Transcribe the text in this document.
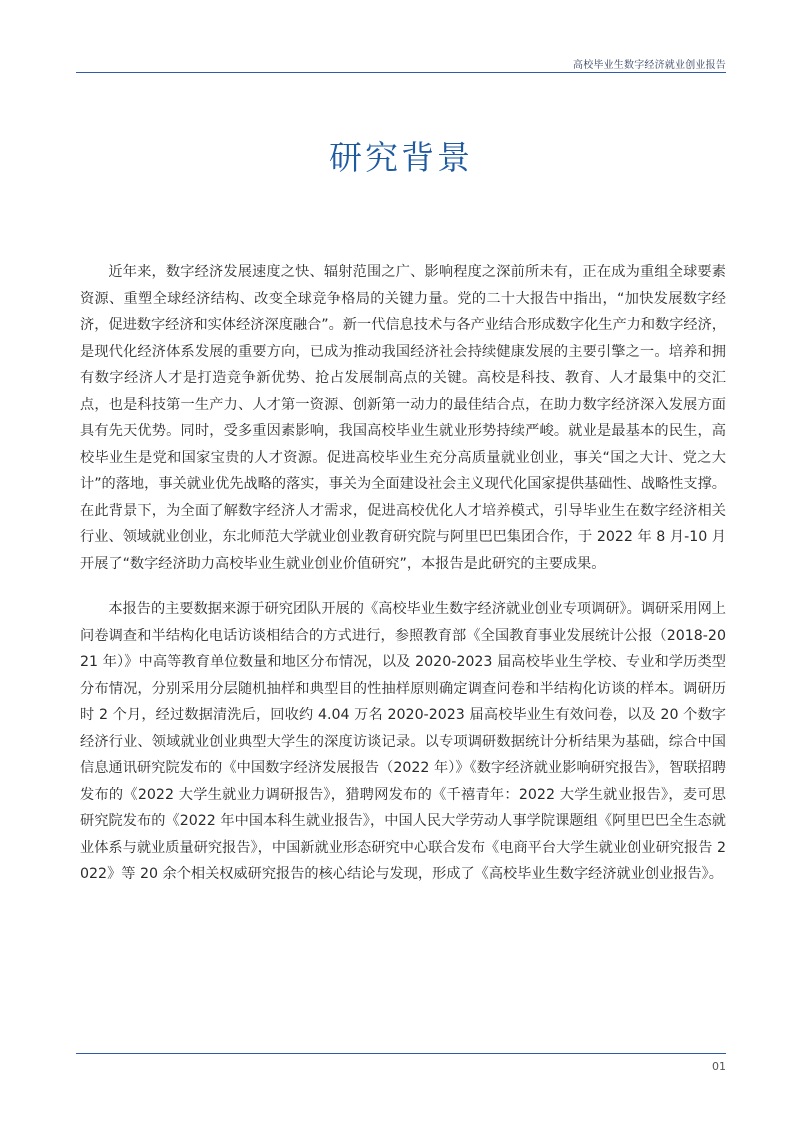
高校毕业生数字经济就业创业报告
研究背景

近年来，数字经济发展速度之快、辐射范围之广、影响程度之深前所未有，正在成为重组全球要素资源、重塑全球经济结构、改变全球竞争格局的关键力量。党的二十大报告中指出，“加快发展数字经济，促进数字经济和实体经济深度融合”。新一代信息技术与各产业结合形成数字化生产力和数字经济，是现代化经济体系发展的重要方向，已成为推动我国经济社会持续健康发展的主要引擎之一。培养和拥有数字经济人才是打造竞争新优势、抢占发展制高点的关键。高校是科技、教育、人才最集中的交汇点，也是科技第一生产力、人才第一资源、创新第一动力的最佳结合点，在助力数字经济深入发展方面具有先天优势。同时，受多重因素影响，我国高校毕业生就业形势持续严峻。就业是最基本的民生，高校毕业生是党和国家宝贵的人才资源。促进高校毕业生充分高质量就业创业，事关“国之大计、党之大计”的落地，事关就业优先战略的落实，事关为全面建设社会主义现代化国家提供基础性、战略性支撑。在此背景下，为全面了解数字经济人才需求，促进高校优化人才培养模式，引导毕业生在数字经济相关行业、领域就业创业，东北师范大学就业创业教育研究院与阿里巴巴集团合作，于 2022 年 8 月-10 月开展了“数字经济助力高校毕业生就业创业价值研究”，本报告是此研究的主要成果。

本报告的主要数据来源于研究团队开展的《高校毕业生数字经济就业创业专项调研》。调研采用网上问卷调查和半结构化电话访谈相结合的方式进行，参照教育部《全国教育事业发展统计公报（2018-2021 年）》中高等教育单位数量和地区分布情况，以及 2020-2023 届高校毕业生学校、专业和学历类型分布情况，分别采用分层随机抽样和典型目的性抽样原则确定调查问卷和半结构化访谈的样本。调研历时 2 个月，经过数据清洗后，回收约 4.04 万名 2020-2023 届高校毕业生有效问卷，以及 20 个数字经济行业、领域就业创业典型大学生的深度访谈记录。以专项调研数据统计分析结果为基础，综合中国信息通讯研究院发布的《中国数字经济发展报告（2022 年）》《数字经济就业影响研究报告》，智联招聘发布的《2022 大学生就业力调研报告》，猎聘网发布的《千禧青年：2022 大学生就业报告》，麦可思研究院发布的《2022 年中国本科生就业报告》，中国人民大学劳动人事学院课题组《阿里巴巴全生态就业体系与就业质量研究报告》，中国新就业形态研究中心联合发布《电商平台大学生就业创业研究报告 2022》等 20 余个相关权威研究报告的核心结论与发现，形成了《高校毕业生数字经济就业创业报告》。

01
